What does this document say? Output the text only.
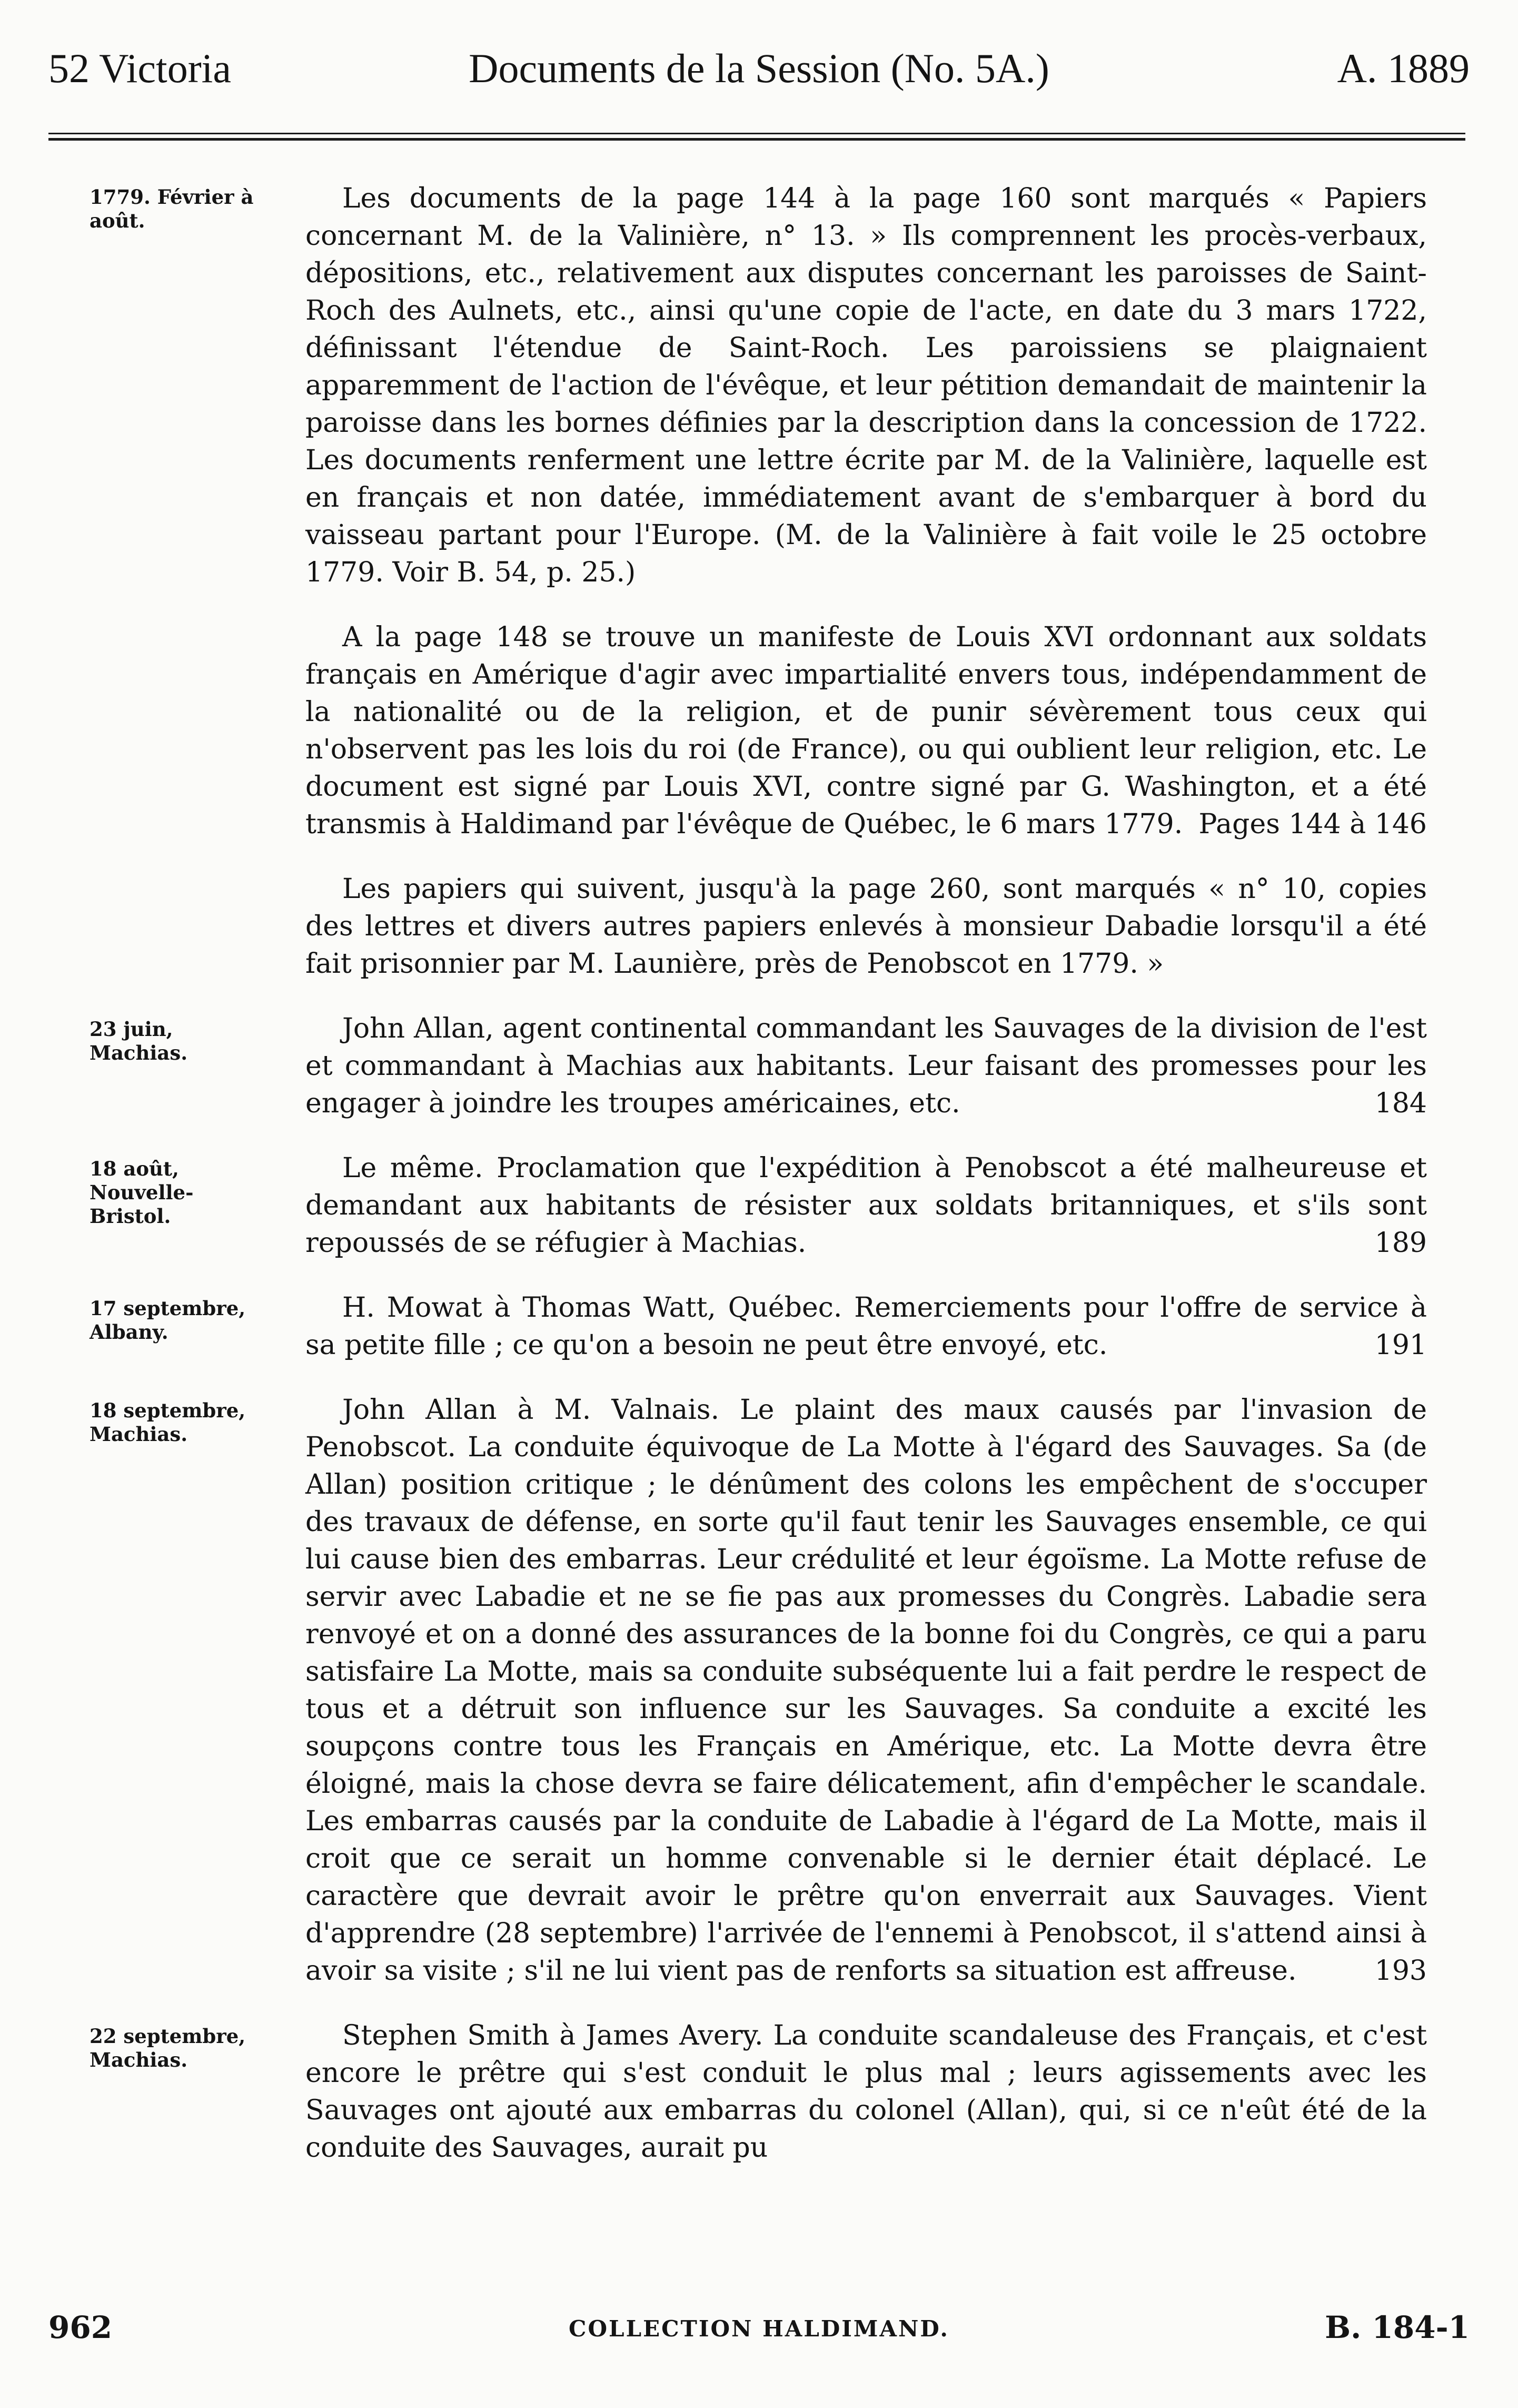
Documents de la Session (No. 5A.)
52 Victoria	A. 1889
1779. Février à août.

Les documents de la page 144 à la page 160 sont marqués « Papiers concernant M. de la Valinière, n° 13. » Ils comprennent les procès-verbaux, dépositions, etc., relativement aux disputes concernant les paroisses de Saint-Roch des Aulnets, etc., ainsi qu'une copie de l'acte, en date du 3 mars 1722, définissant l'étendue de Saint-Roch. Les paroissiens se plaignaient apparemment de l'action de l'évêque, et leur pétition demandait de maintenir la paroisse dans les bornes définies par la description dans la concession de 1722. Les documents renferment une lettre écrite par M. de la Valinière, laquelle est en français et non datée, immédiatement avant de s'embarquer à bord du vaisseau partant pour l'Europe. (M. de la Valinière à fait voile le 25 octobre 1779. Voir B. 54, p. 25.)

A la page 148 se trouve un manifeste de Louis XVI ordonnant aux soldats français en Amérique d'agir avec impartialité envers tous, indépendamment de la nationalité ou de la religion, et de punir sévèrement tous ceux qui n'observent pas les lois du roi (de France), ou qui oublient leur religion, etc. Le document est signé par Louis XVI, contre signé par G. Washington, et a été transmis à Haldimand par l'évêque de Québec, le 6 mars 1779. Pages 144 à 146

Les papiers qui suivent, jusqu'à la page 260, sont marqués « n° 10, copies des lettres et divers autres papiers enlevés à monsieur Dabadie lorsqu'il a été fait prisonnier par M. Launière, près de Penobscot en 1779. »

23 juin, Machias.

John Allan, agent continental commandant les Sauvages de la division de l'est et commandant à Machias aux habitants. Leur faisant des promesses pour les engager à joindre les troupes américaines, etc.	184

18 août, Nouvelle-Bristol.

Le même. Proclamation que l'expédition à Penobscot a été malheureuse et demandant aux habitants de résister aux soldats britanniques, et s'ils sont repoussés de se réfugier à Machias.	189

17 septembre, Albany.

H. Mowat à Thomas Watt, Québec. Remerciements pour l'offre de service à sa petite fille ; ce qu'on a besoin ne peut être envoyé, etc.	191

18 septembre, Machias.

John Allan à M. Valnais. Le plaint des maux causés par l'invasion de Penobscot. La conduite équivoque de La Motte à l'égard des Sauvages. Sa (de Allan) position critique ; le dénûment des colons les empêchent de s'occuper des travaux de défense, en sorte qu'il faut tenir les Sauvages ensemble, ce qui lui cause bien des embarras. Leur crédulité et leur égoïsme. La Motte refuse de servir avec Labadie et ne se fie pas aux promesses du Congrès. Labadie sera renvoyé et on a donné des assurances de la bonne foi du Congrès, ce qui a paru satisfaire La Motte, mais sa conduite subséquente lui a fait perdre le respect de tous et a détruit son influence sur les Sauvages. Sa conduite a excité les soupçons contre tous les Français en Amérique, etc. La Motte devra être éloigné, mais la chose devra se faire délicatement, afin d'empêcher le scandale. Les embarras causés par la conduite de Labadie à l'égard de La Motte, mais il croit que ce serait un homme convenable si le dernier était déplacé. Le caractère que devrait avoir le prêtre qu'on enverrait aux Sauvages. Vient d'apprendre (28 septembre) l'arrivée de l'ennemi à Penobscot, il s'attend ainsi à avoir sa visite ; s'il ne lui vient pas de renforts sa situation est affreuse.	193

22 septembre, Machias.

Stephen Smith à James Avery. La conduite scandaleuse des Français, et c'est encore le prêtre qui s'est conduit le plus mal ; leurs agissements avec les Sauvages ont ajouté aux embarras du colonel (Allan), qui, si ce n'eût été de la conduite des Sauvages, aurait pu

COLLECTION HALDIMAND.
962	B. 184-1
